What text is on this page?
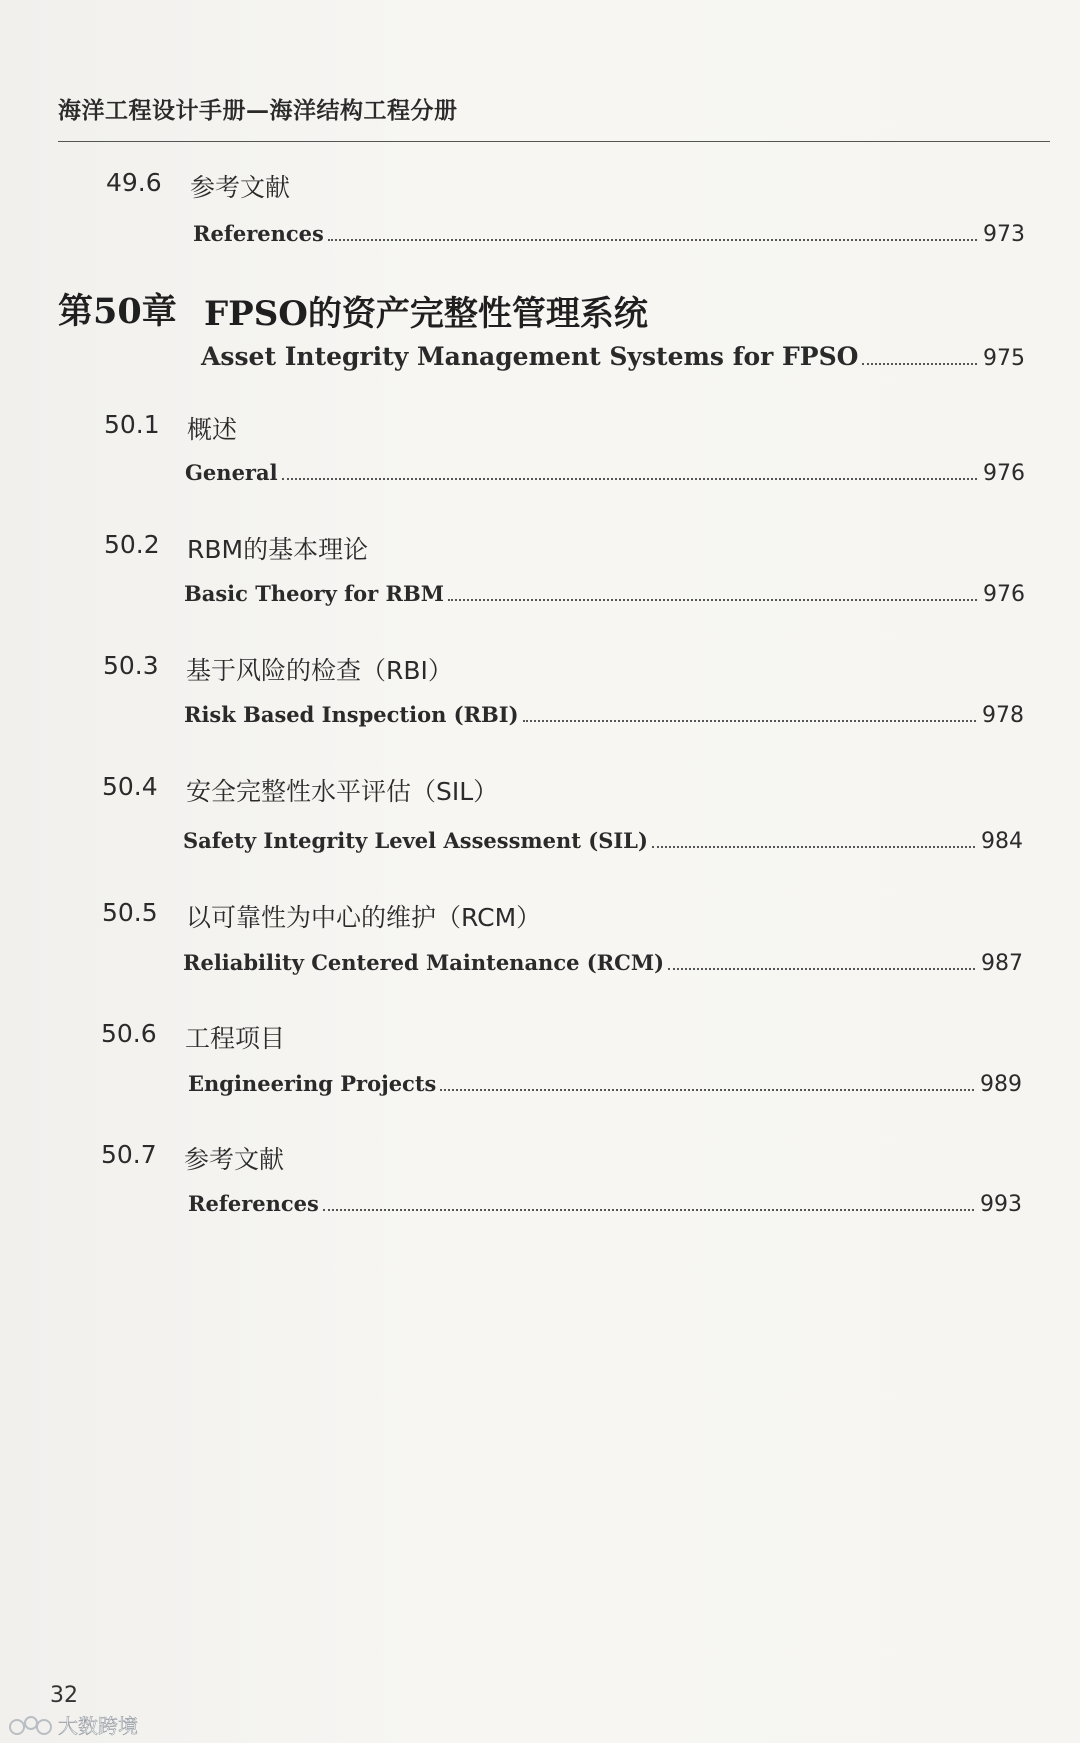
海洋工程设计手册—海洋结构工程分册
49.6 参考文献
References	973
第50章 FPSO的资产完整性管理系统
Asset Integrity Management Systems for FPSO	975
50.1 概述
General	976
50.2 RBM的基本理论
Basic Theory for RBM	976
50.3 基于风险的检查（RBI）
Risk Based Inspection (RBI)	978
50.4 安全完整性水平评估（SIL）
Safety Integrity Level Assessment (SIL)	984
50.5 以可靠性为中心的维护（RCM）
Reliability Centered Maintenance (RCM)	987
50.6 工程项目
Engineering Projects	989
50.7 参考文献
References	993
32
大数跨境
